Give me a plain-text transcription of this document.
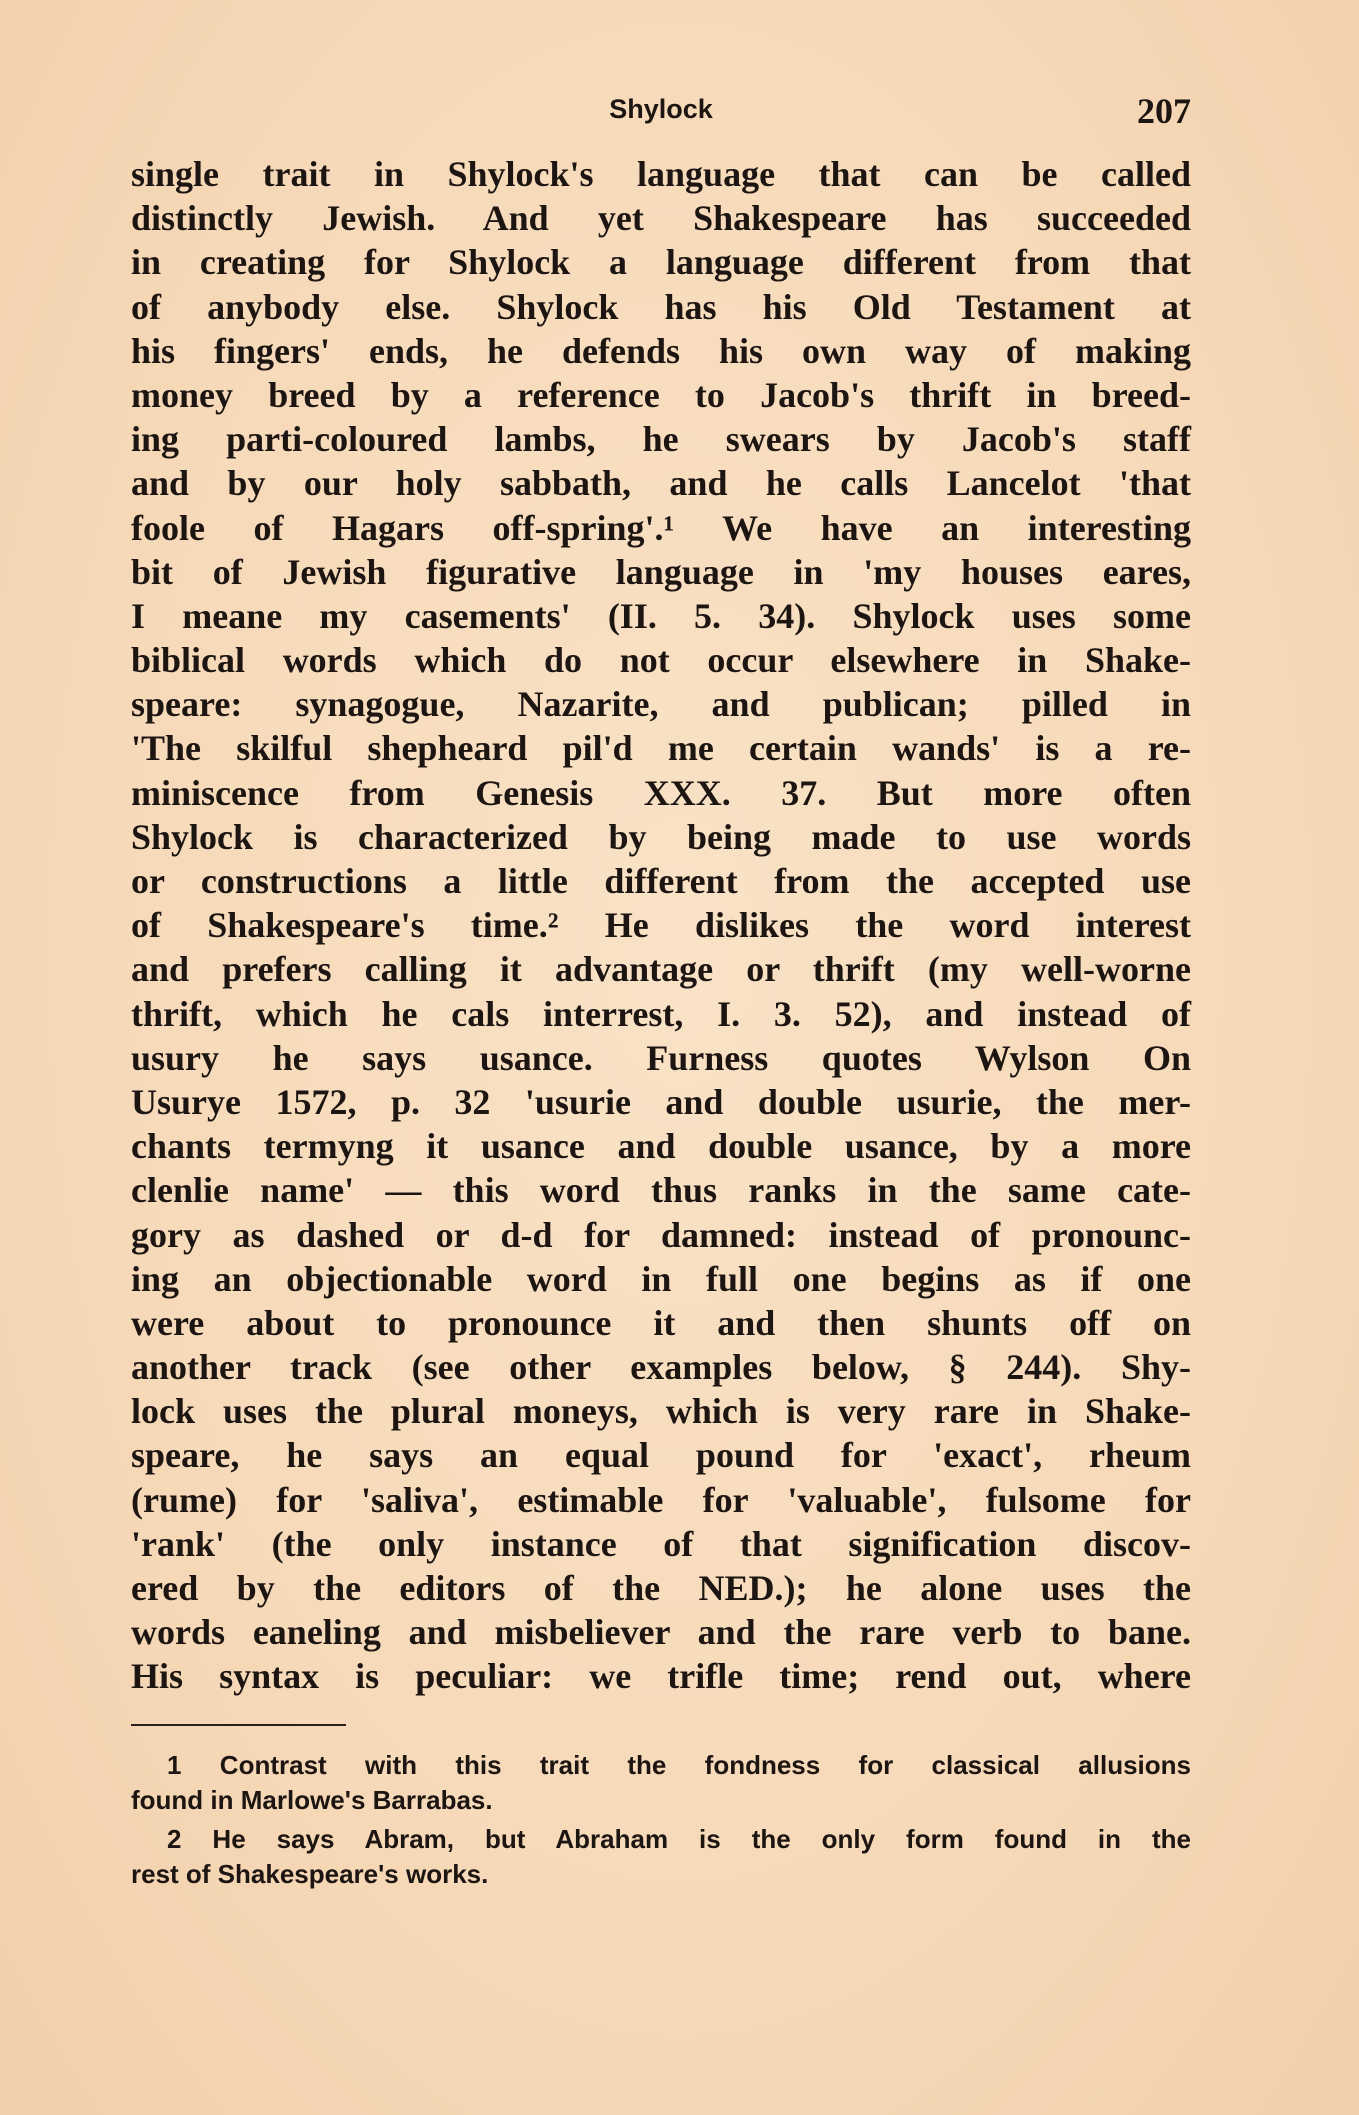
Shylock	207
single trait in Shylock's language that can be called
distinctly Jewish. And yet Shakespeare has succeeded
in creating for Shylock a language different from that
of anybody else. Shylock has his Old Testament at
his fingers' ends, he defends his own way of making
money breed by a reference to Jacob's thrift in breed-
ing parti-coloured lambs, he swears by Jacob's staff
and by our holy sabbath, and he calls Lancelot 'that
foole of Hagars off-spring'.¹ We have an interesting
bit of Jewish figurative language in 'my houses eares,
I meane my casements' (II. 5. 34). Shylock uses some
biblical words which do not occur elsewhere in Shake-
speare: synagogue, Nazarite, and publican; pilled in
'The skilful shepheard pil'd me certain wands' is a re-
miniscence from Genesis XXX. 37. But more often
Shylock is characterized by being made to use words
or constructions a little different from the accepted use
of Shakespeare's time.² He dislikes the word interest
and prefers calling it advantage or thrift (my well-worne
thrift, which he cals interrest, I. 3. 52), and instead of
usury he says usance. Furness quotes Wylson On
Usurye 1572, p. 32 'usurie and double usurie, the mer-
chants termyng it usance and double usance, by a more
clenlie name' — this word thus ranks in the same cate-
gory as dashed or d-d for damned: instead of pronounc-
ing an objectionable word in full one begins as if one
were about to pronounce it and then shunts off on
another track (see other examples below, § 244). Shy-
lock uses the plural moneys, which is very rare in Shake-
speare, he says an equal pound for 'exact', rheum
(rume) for 'saliva', estimable for 'valuable', fulsome for
'rank' (the only instance of that signification discov-
ered by the editors of the NED.); he alone uses the
words eaneling and misbeliever and the rare verb to bane.
His syntax is peculiar: we trifle time; rend out, where
1 Contrast with this trait the fondness for classical allusions
found in Marlowe's Barrabas.
2 He says Abram, but Abraham is the only form found in the
rest of Shakespeare's works.
